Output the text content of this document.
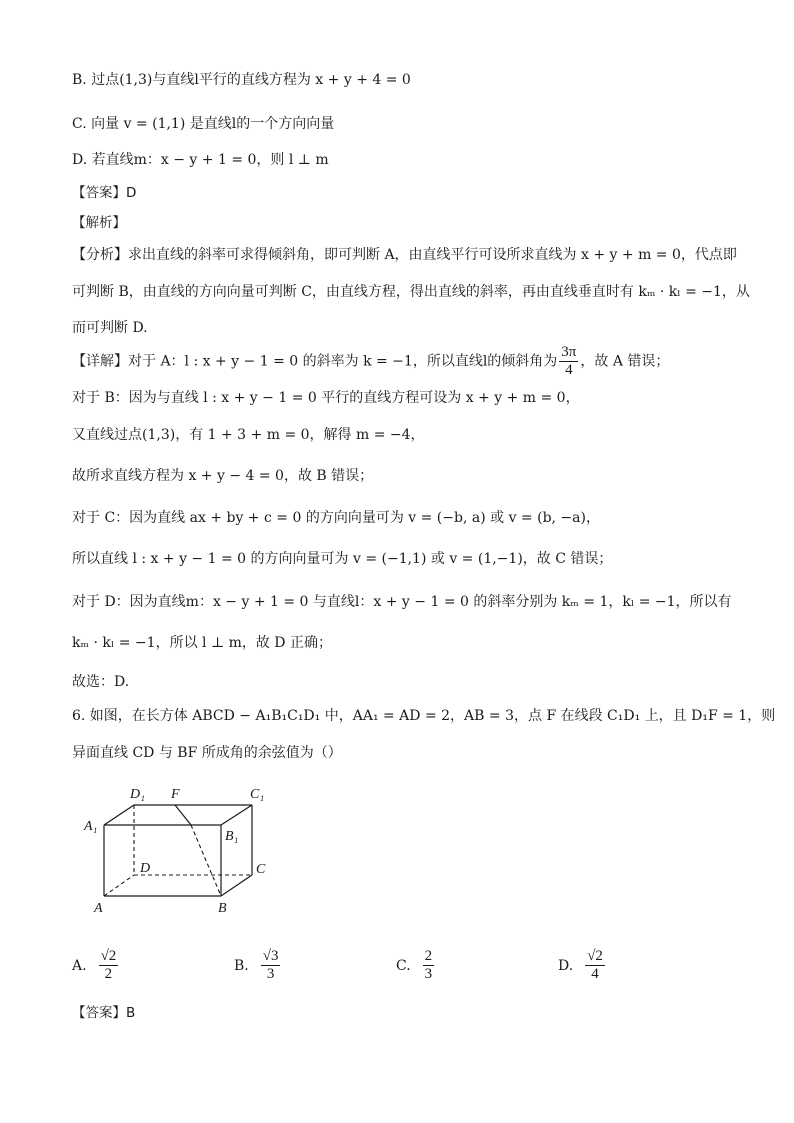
B. 过点(1,3)与直线l平行的直线方程为 x + y + 4 = 0
C. 向量 v = (1,1) 是直线l的一个方向向量
D. 若直线m：x − y + 1 = 0，则 l ⊥ m
【答案】D
【解析】
【分析】求出直线的斜率可求得倾斜角，即可判断 A，由直线平行可设所求直线为 x + y + m = 0，代点即
可判断 B，由直线的方向向量可判断 C，由直线方程，得出直线的斜率，再由直线垂直时有 kₘ · kₗ = −1，从
而可判断 D.
【详解】对于 A：l : x + y − 1 = 0 的斜率为 k = −1，所以直线l的倾斜角为 $\frac{3\pi}{4}$ ，故 A 错误；
对于 B：因为与直线 l : x + y − 1 = 0 平行的直线方程可设为 x + y + m = 0，
又直线过点(1,3)，有 1 + 3 + m = 0，解得 m = −4，
故所求直线方程为 x + y − 4 = 0，故 B 错误；
对于 C：因为直线 ax + by + c = 0 的方向向量可为 v = (−b, a) 或 v = (b, −a)，
所以直线 l : x + y − 1 = 0 的方向向量可为 v = (−1,1) 或 v = (1,−1)，故 C 错误；
对于 D：因为直线m：x − y + 1 = 0 与直线l：x + y − 1 = 0 的斜率分别为 kₘ = 1，kₗ = −1，所以有
kₘ · kₗ = −1，所以 l ⊥ m，故 D 正确；
故选：D.
6. 如图，在长方体 ABCD − A₁B₁C₁D₁ 中，AA₁ = AD = 2，AB = 3，点 F 在线段 C₁D₁ 上，且 D₁F = 1，则
异面直线 CD 与 BF 所成角的余弦值为（）
D₁ F	C₁
A₁
B₁
D	C
A	B
A. $\frac{√2}{2}$	B. $\frac{√3}{3}$	C. $\frac{2}{3}$	D. $\frac{√2}{4}$
【答案】B
